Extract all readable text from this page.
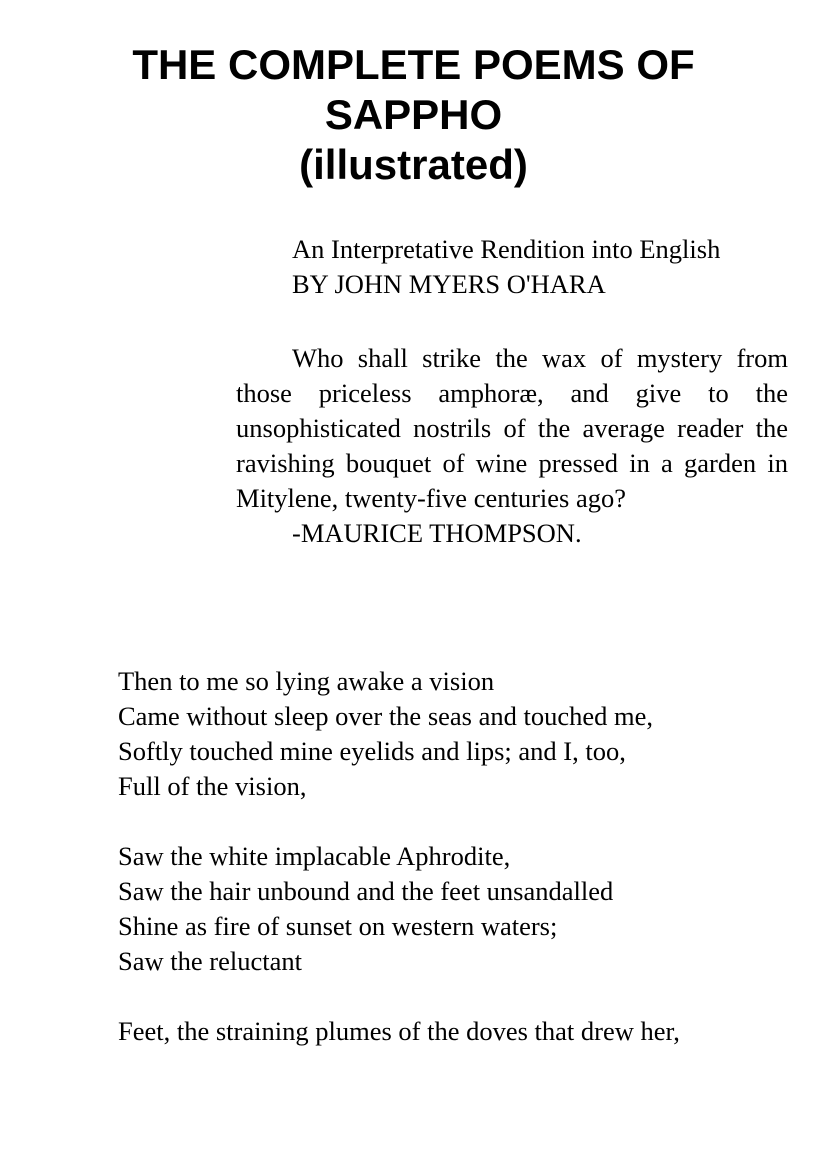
THE COMPLETE POEMS OF
SAPPHO
(illustrated)
An Interpretative Rendition into English
BY JOHN MYERS O'HARA

Who shall strike the wax of mystery from those priceless amphoræ, and give to the unsophisticated nostrils of the average reader the ravishing bouquet of wine pressed in a garden in Mitylene, twenty-five centuries ago?

-MAURICE THOMPSON.

Then to me so lying awake a vision
Came without sleep over the seas and touched me,
Softly touched mine eyelids and lips; and I, too,
Full of the vision,
Saw the white implacable Aphrodite,
Saw the hair unbound and the feet unsandalled
Shine as fire of sunset on western waters;
Saw the reluctant
Feet, the straining plumes of the doves that drew her,
